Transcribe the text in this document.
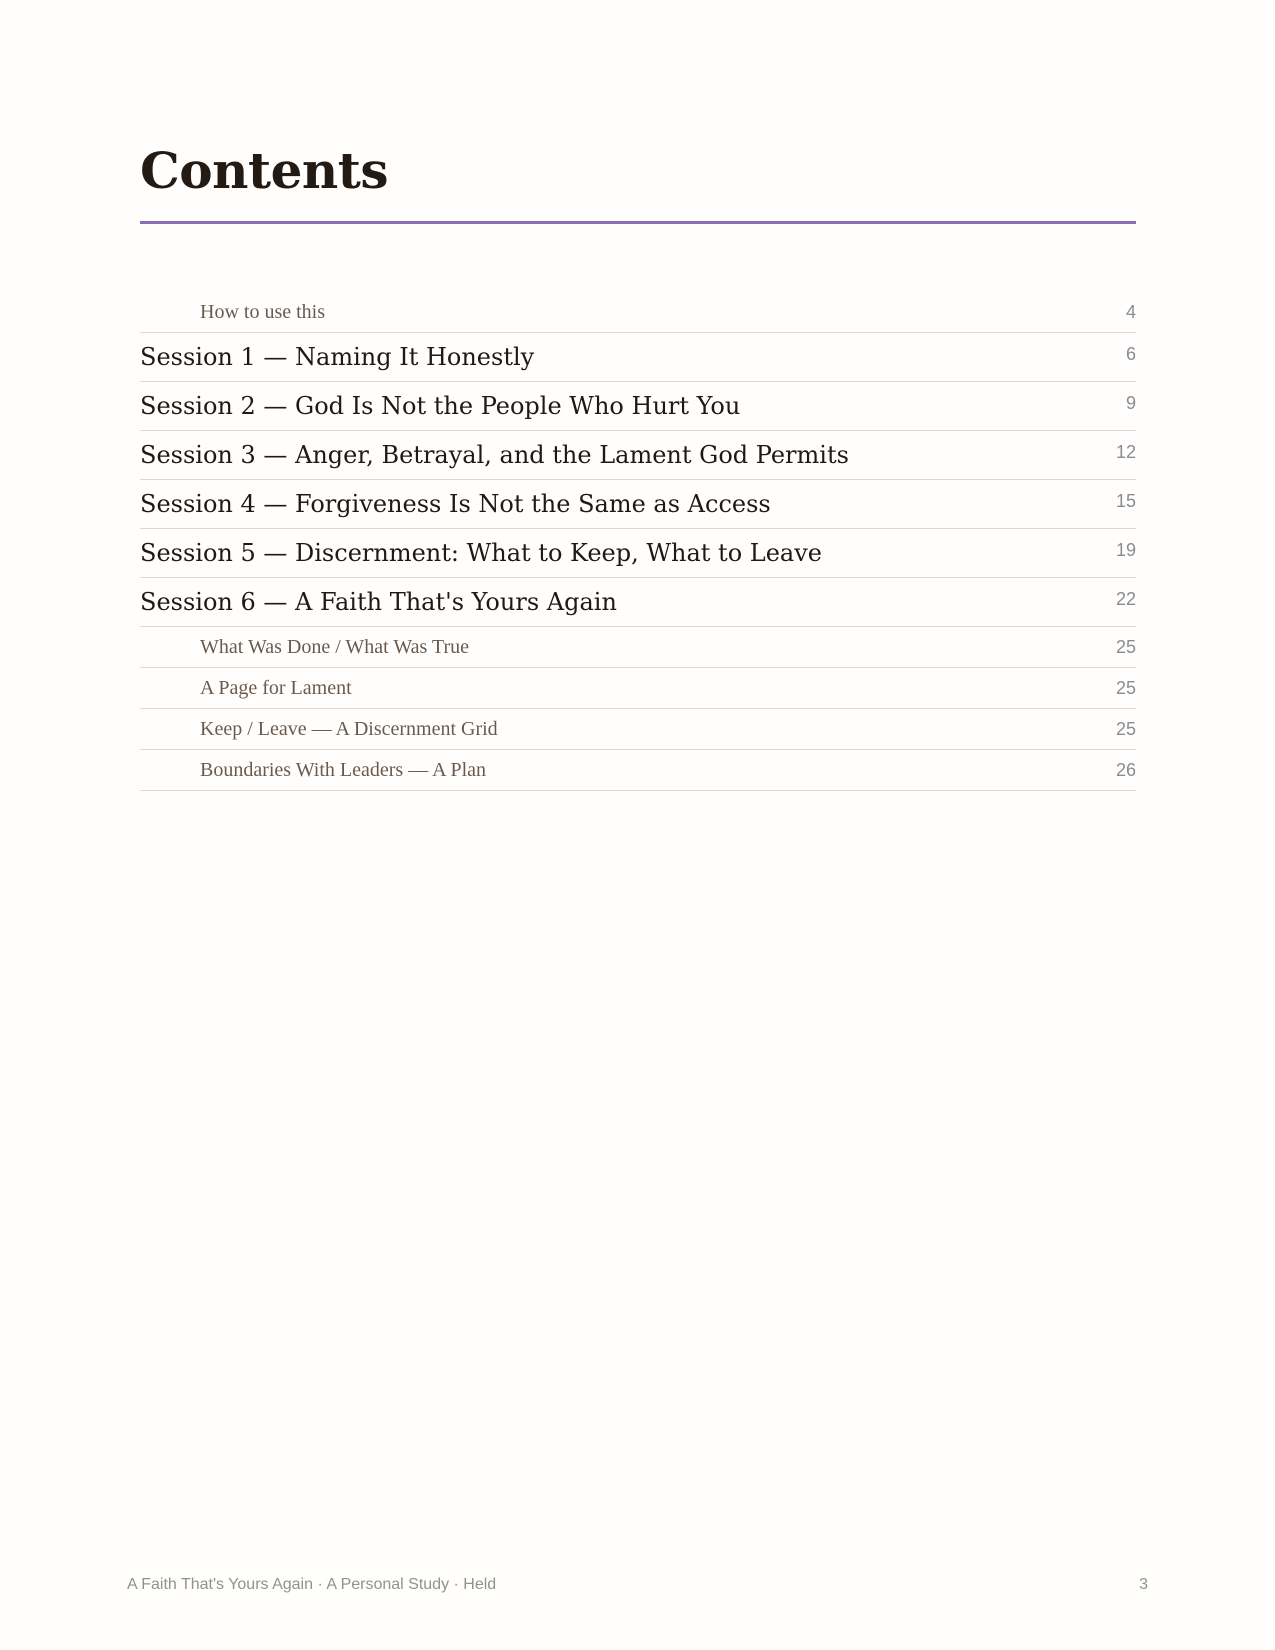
Contents
How to use this	4
Session 1 — Naming It Honestly	6
Session 2 — God Is Not the People Who Hurt You	9
Session 3 — Anger, Betrayal, and the Lament God Permits	12
Session 4 — Forgiveness Is Not the Same as Access	15
Session 5 — Discernment: What to Keep, What to Leave	19
Session 6 — A Faith That's Yours Again	22
What Was Done / What Was True	25
A Page for Lament	25
Keep / Leave — A Discernment Grid	25
Boundaries With Leaders — A Plan	26
A Faith That's Yours Again · A Personal Study · Held	3
